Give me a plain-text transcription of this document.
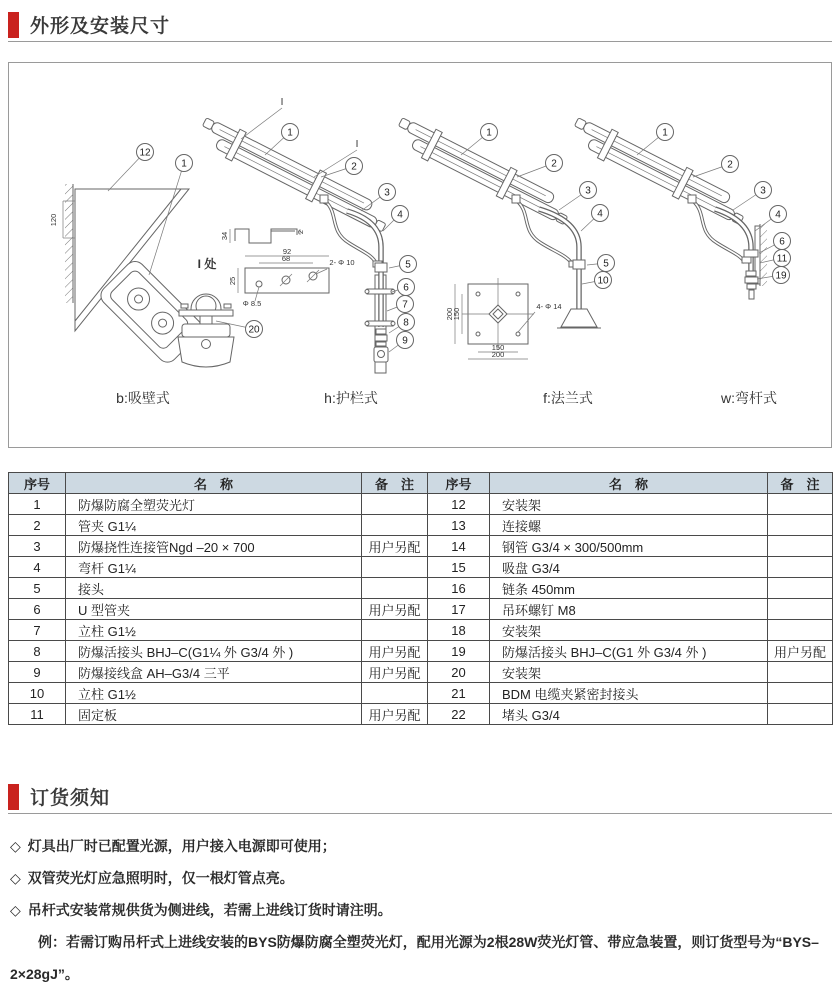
外形及安装尺寸
12
1
1
2
3
4
5
6
7
8
9
1
2
3
4
5
10
1
2
3
4
6
11
19
20
I
I
120
34	2
92
68
25
Φ 8.5
2- Φ 10
200
150
150
200
4- Φ 14
b:吸壁式	h:护栏式	f:法兰式	w:弯杆式
I 处
序号	名　称	备　注	序号	名　称	备　注
1	防爆防腐全塑荧光灯		12	安装架	
2	管夹 G1¼		13	连接螺	
3	防爆挠性连接管Ngd –20 × 700	用户另配	14	钢管 G3/4 × 300/500mm	
4	弯杆 G1¼		15	吸盘 G3/4	
5	接头		16	链条 450mm	
6	U 型管夹	用户另配	17	吊环螺钉 M8	
7	立柱 G1½		18	安装架	
8	防爆活接头 BHJ–C(G1¼ 外 G3/4 外 )	用户另配	19	防爆活接头 BHJ–C(G1 外 G3/4 外 )	用户另配
9	防爆接线盒 AH–G3/4 三平	用户另配	20	安装架	
10	立柱 G1½		21	BDM 电缆夹紧密封接头	
11	固定板	用户另配	22	堵头 G3/4	
订货须知

◇ 灯具出厂时已配置光源，用户接入电源即可使用；

◇ 双管荧光灯应急照明时，仅一根灯管点亮。

◇ 吊杆式安装常规供货为侧进线，若需上进线订货时请注明。

例：若需订购吊杆式上进线安装的BYS防爆防腐全塑荧光灯，配用光源为2根28W荧光灯管、带应急装置，则订货型号为“BYS–

2×28gJ”。
